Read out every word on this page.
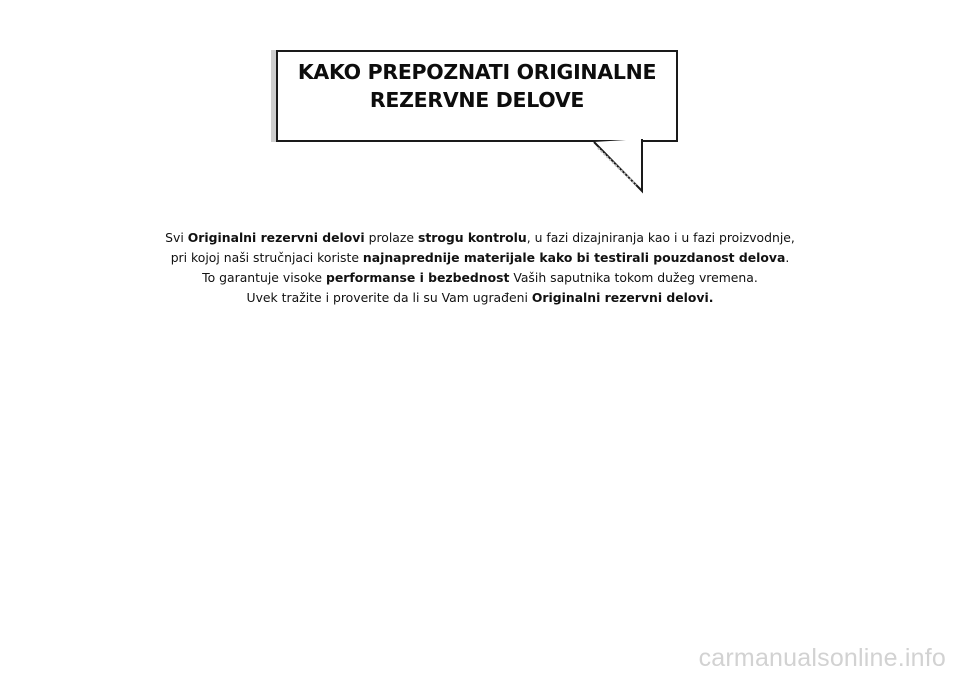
KAKO PREPOZNATI ORIGINALNE
REZERVNE DELOVE
Svi Originalni rezervni delovi prolaze strogu kontrolu, u fazi dizajniranja kao i u fazi proizvodnje,
pri kojoj naši stručnjaci koriste najnaprednije materijale kako bi testirali pouzdanost delova.
To garantuje visoke performanse i bezbednost Vaših saputnika tokom dužeg vremena.
Uvek tražite i proverite da li su Vam ugrađeni Originalni rezervni delovi.
carmanualsonline.info
